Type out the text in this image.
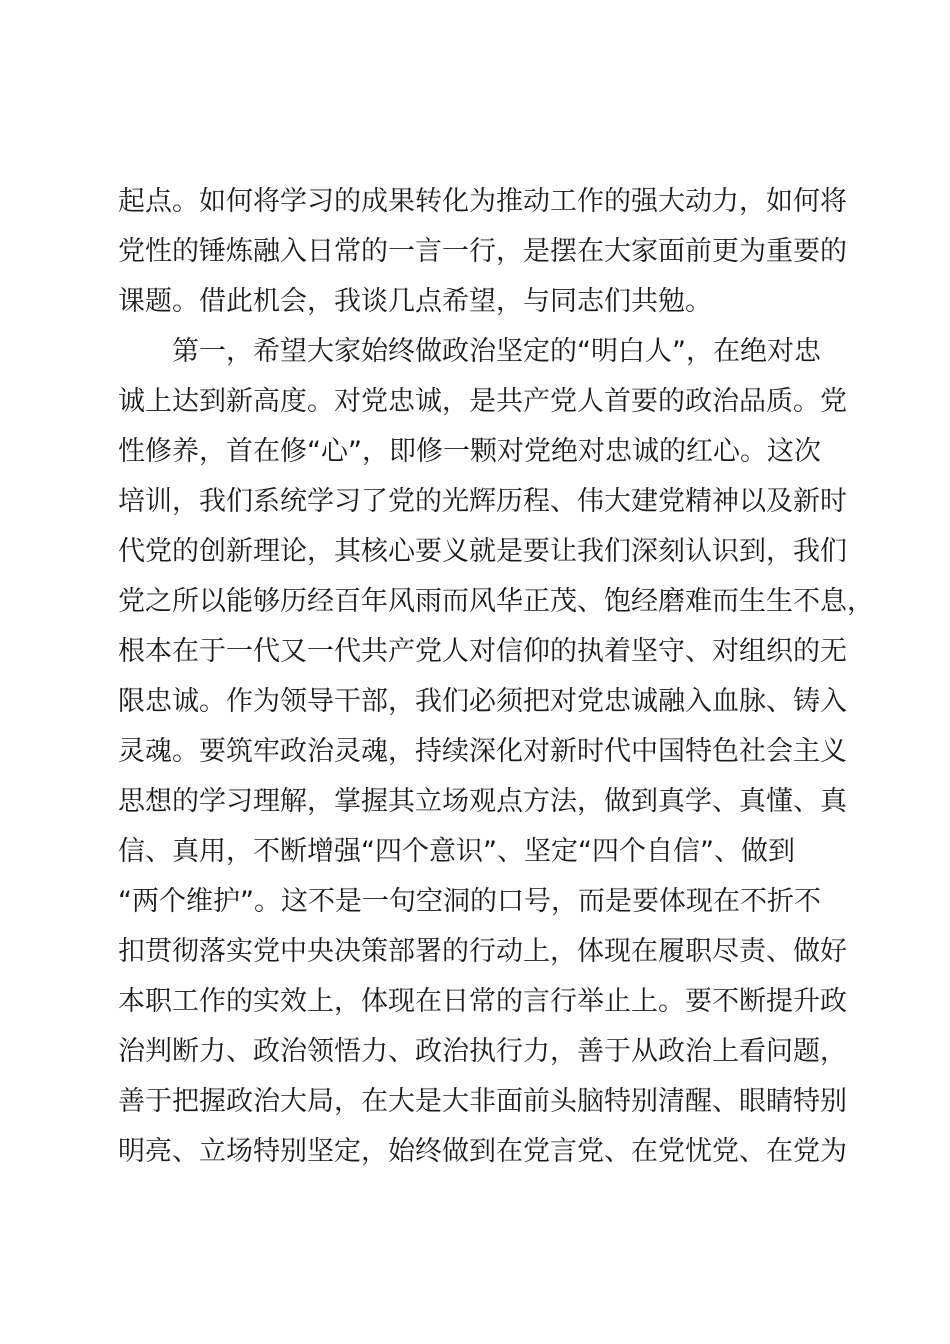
起点。如何将学习的成果转化为推动工作的强大动力，如何将
党性的锤炼融入日常的一言一行，是摆在大家面前更为重要的
课题。借此机会，我谈几点希望，与同志们共勉。
第一，希望大家始终做政治坚定的“明白人”，在绝对忠
诚上达到新高度。对党忠诚，是共产党人首要的政治品质。党
性修养，首在修“心”，即修一颗对党绝对忠诚的红心。这次
培训，我们系统学习了党的光辉历程、伟大建党精神以及新时
代党的创新理论，其核心要义就是要让我们深刻认识到，我们
党之所以能够历经百年风雨而风华正茂、饱经磨难而生生不息，
根本在于一代又一代共产党人对信仰的执着坚守、对组织的无
限忠诚。作为领导干部，我们必须把对党忠诚融入血脉、铸入
灵魂。要筑牢政治灵魂，持续深化对新时代中国特色社会主义
思想的学习理解，掌握其立场观点方法，做到真学、真懂、真
信、真用，不断增强“四个意识”、坚定“四个自信”、做到
“两个维护”。这不是一句空洞的口号，而是要体现在不折不
扣贯彻落实党中央决策部署的行动上，体现在履职尽责、做好
本职工作的实效上，体现在日常的言行举止上。要不断提升政
治判断力、政治领悟力、政治执行力，善于从政治上看问题，
善于把握政治大局，在大是大非面前头脑特别清醒、眼睛特别
明亮、立场特别坚定，始终做到在党言党、在党忧党、在党为
